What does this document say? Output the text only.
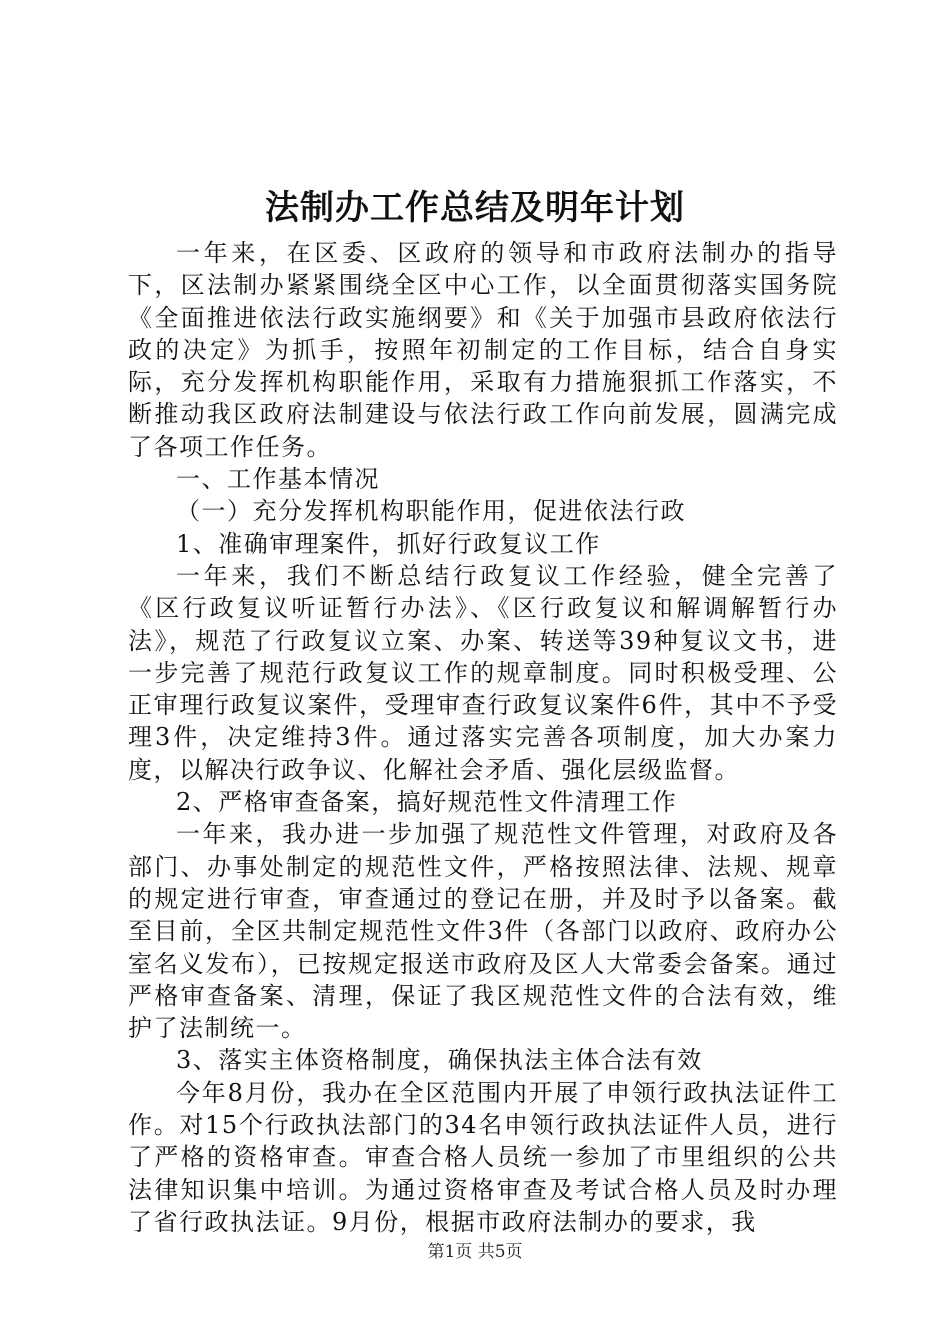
法制办工作总结及明年计划

一年来，在区委、区政府的领导和市政府法制办的指导下，区法制办紧紧围绕全区中心工作，以全面贯彻落实国务院《全面推进依法行政实施纲要》和《关于加强市县政府依法行政的决定》为抓手，按照年初制定的工作目标，结合自身实际，充分发挥机构职能作用，采取有力措施狠抓工作落实，不断推动我区政府法制建设与依法行政工作向前发展，圆满完成了各项工作任务。

一、工作基本情况

（一）充分发挥机构职能作用，促进依法行政

1、准确审理案件，抓好行政复议工作

一年来，我们不断总结行政复议工作经验，健全完善了《区行政复议听证暂行办法》、《区行政复议和解调解暂行办法》，规范了行政复议立案、办案、转送等39种复议文书，进一步完善了规范行政复议工作的规章制度。同时积极受理、公正审理行政复议案件，受理审查行政复议案件6件，其中不予受理3件，决定维持3件。通过落实完善各项制度，加大办案力度，以解决行政争议、化解社会矛盾、强化层级监督。

2、严格审查备案，搞好规范性文件清理工作

一年来，我办进一步加强了规范性文件管理，对政府及各部门、办事处制定的规范性文件，严格按照法律、法规、规章的规定进行审查，审查通过的登记在册，并及时予以备案。截至目前，全区共制定规范性文件3件（各部门以政府、政府办公室名义发布），已按规定报送市政府及区人大常委会备案。通过严格审查备案、清理，保证了我区规范性文件的合法有效，维护了法制统一。

3、落实主体资格制度，确保执法主体合法有效

今年8月份，我办在全区范围内开展了申领行政执法证件工作。对15个行政执法部门的34名申领行政执法证件人员，进行了严格的资格审查。审查合格人员统一参加了市里组织的公共法律知识集中培训。为通过资格审查及考试合格人员及时办理了省行政执法证。9月份，根据市政府法制办的要求，我

第1页 共5页
